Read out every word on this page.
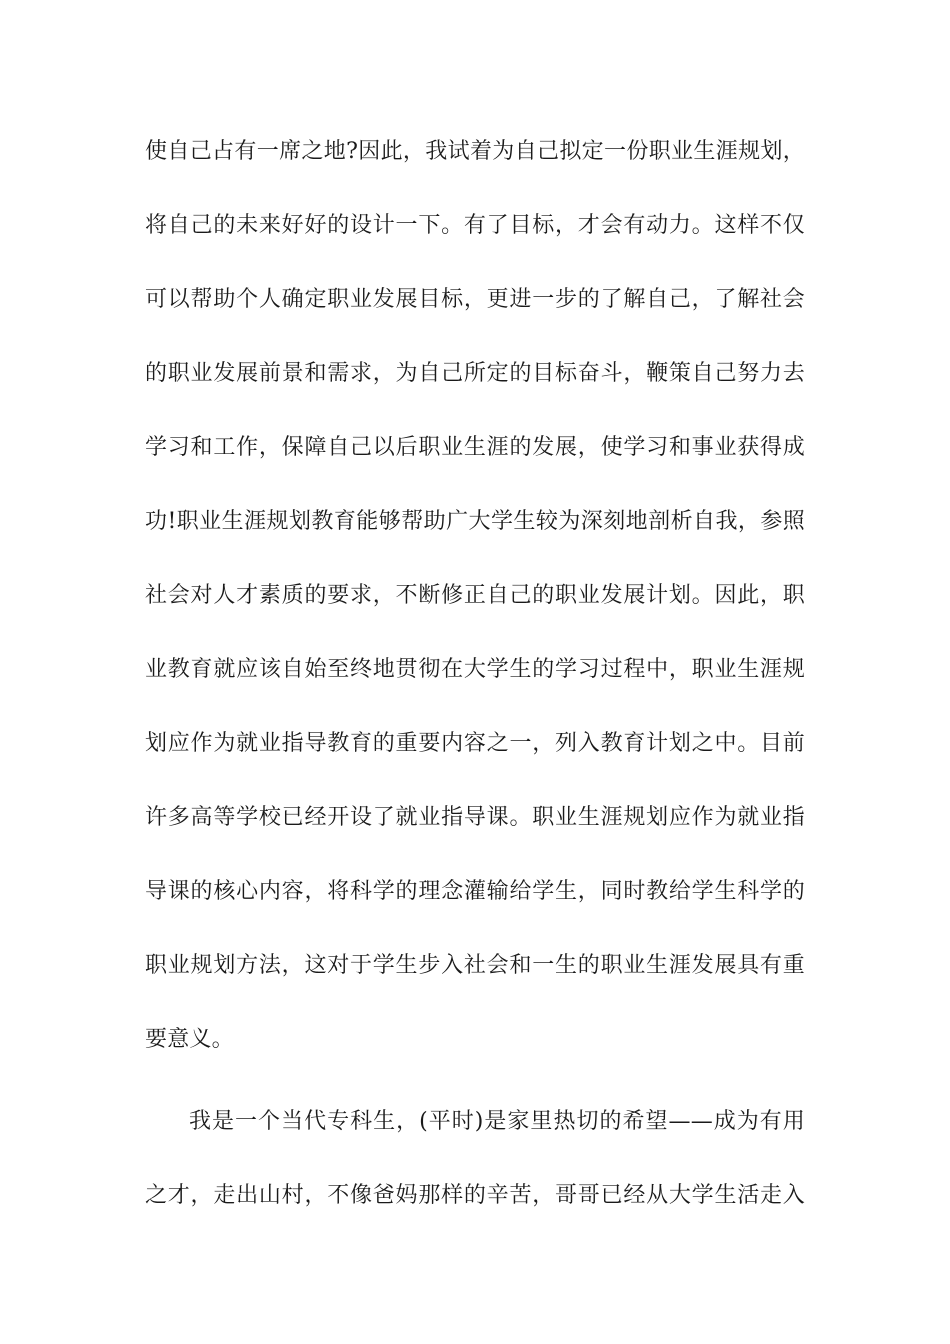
使自己占有一席之地?因此，我试着为自己拟定一份职业生涯规划，
将自己的未来好好的设计一下。有了目标，才会有动力。这样不仅
可以帮助个人确定职业发展目标，更进一步的了解自己，了解社会
的职业发展前景和需求，为自己所定的目标奋斗，鞭策自己努力去
学习和工作，保障自己以后职业生涯的发展，使学习和事业获得成
功!职业生涯规划教育能够帮助广大学生较为深刻地剖析自我，参照
社会对人才素质的要求，不断修正自己的职业发展计划。因此，职
业教育就应该自始至终地贯彻在大学生的学习过程中，职业生涯规
划应作为就业指导教育的重要内容之一，列入教育计划之中。目前
许多高等学校已经开设了就业指导课。职业生涯规划应作为就业指
导课的核心内容，将科学的理念灌输给学生，同时教给学生科学的
职业规划方法，这对于学生步入社会和一生的职业生涯发展具有重
要意义。
我是一个当代专科生，(平时)是家里热切的希望——成为有用
之才，走出山村，不像爸妈那样的辛苦，哥哥已经从大学生活走入
